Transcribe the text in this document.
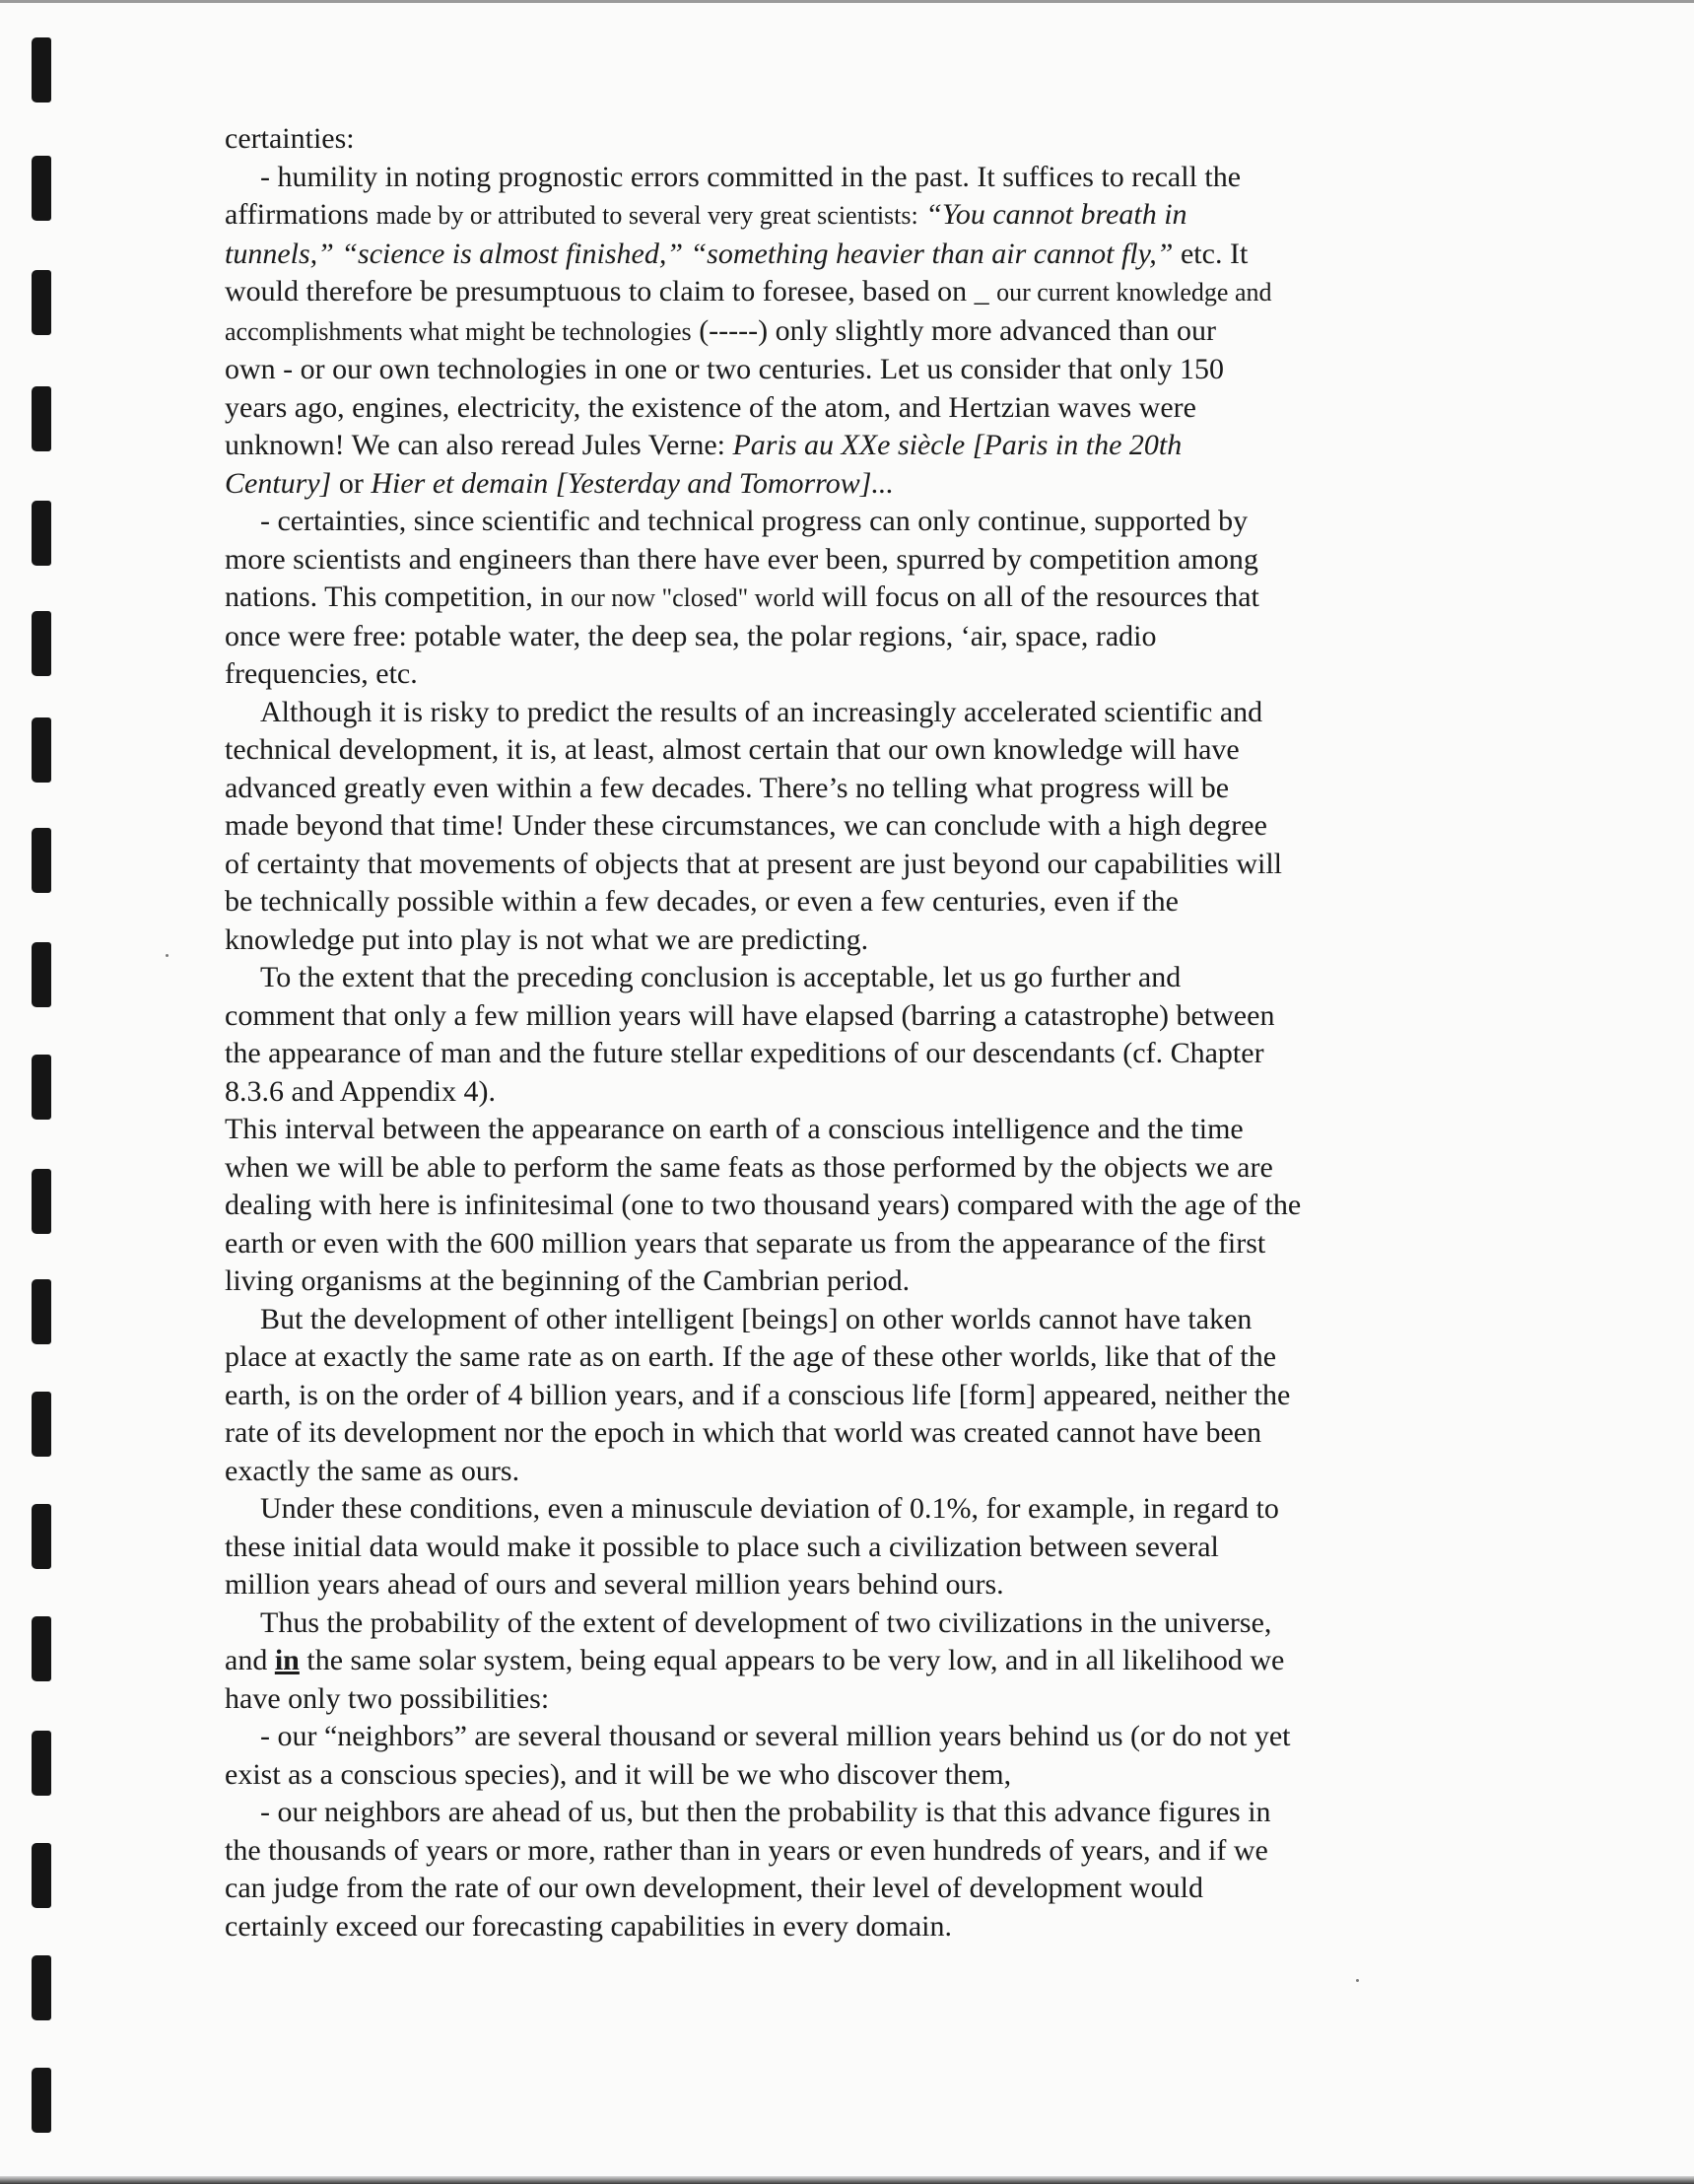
certainties:
- humility in noting prognostic errors committed in the past. It suffices to recall the
affirmations made by or attributed to several very great scientists: “You cannot breath in
tunnels,” “science is almost finished,” “something heavier than air cannot fly,” etc. It
would therefore be presumptuous to claim to foresee, based on _ our current knowledge and
accomplishments what might be technologies (-----) only slightly more advanced than our
own - or our own technologies in one or two centuries. Let us consider that only 150
years ago, engines, electricity, the existence of the atom, and Hertzian waves were
unknown! We can also reread Jules Verne: Paris au XXe siècle [Paris in the 20th
Century] or Hier et demain [Yesterday and Tomorrow]...
- certainties, since scientific and technical progress can only continue, supported by
more scientists and engineers than there have ever been, spurred by competition among
nations. This competition, in our now "closed" world will focus on all of the resources that
once were free: potable water, the deep sea, the polar regions, ʻair, space, radio
frequencies, etc.
Although it is risky to predict the results of an increasingly accelerated scientific and
technical development, it is, at least, almost certain that our own knowledge will have
advanced greatly even within a few decades. There’s no telling what progress will be
made beyond that time! Under these circumstances, we can conclude with a high degree
of certainty that movements of objects that at present are just beyond our capabilities will
be technically possible within a few decades, or even a few centuries, even if the
knowledge put into play is not what we are predicting.
To the extent that the preceding conclusion is acceptable, let us go further and
comment that only a few million years will have elapsed (barring a catastrophe) between
the appearance of man and the future stellar expeditions of our descendants (cf. Chapter
8.3.6 and Appendix 4).
This interval between the appearance on earth of a conscious intelligence and the time
when we will be able to perform the same feats as those performed by the objects we are
dealing with here is infinitesimal (one to two thousand years) compared with the age of the
earth or even with the 600 million years that separate us from the appearance of the first
living organisms at the beginning of the Cambrian period.
But the development of other intelligent [beings] on other worlds cannot have taken
place at exactly the same rate as on earth. If the age of these other worlds, like that of the
earth, is on the order of 4 billion years, and if a conscious life [form] appeared, neither the
rate of its development nor the epoch in which that world was created cannot have been
exactly the same as ours.
Under these conditions, even a minuscule deviation of 0.1%, for example, in regard to
these initial data would make it possible to place such a civilization between several
million years ahead of ours and several million years behind ours.
Thus the probability of the extent of development of two civilizations in the universe,
and in the same solar system, being equal appears to be very low, and in all likelihood we
have only two possibilities:
- our “neighbors” are several thousand or several million years behind us (or do not yet
exist as a conscious species), and it will be we who discover them,
- our neighbors are ahead of us, but then the probability is that this advance figures in
the thousands of years or more, rather than in years or even hundreds of years, and if we
can judge from the rate of our own development, their level of development would
certainly exceed our forecasting capabilities in every domain.
